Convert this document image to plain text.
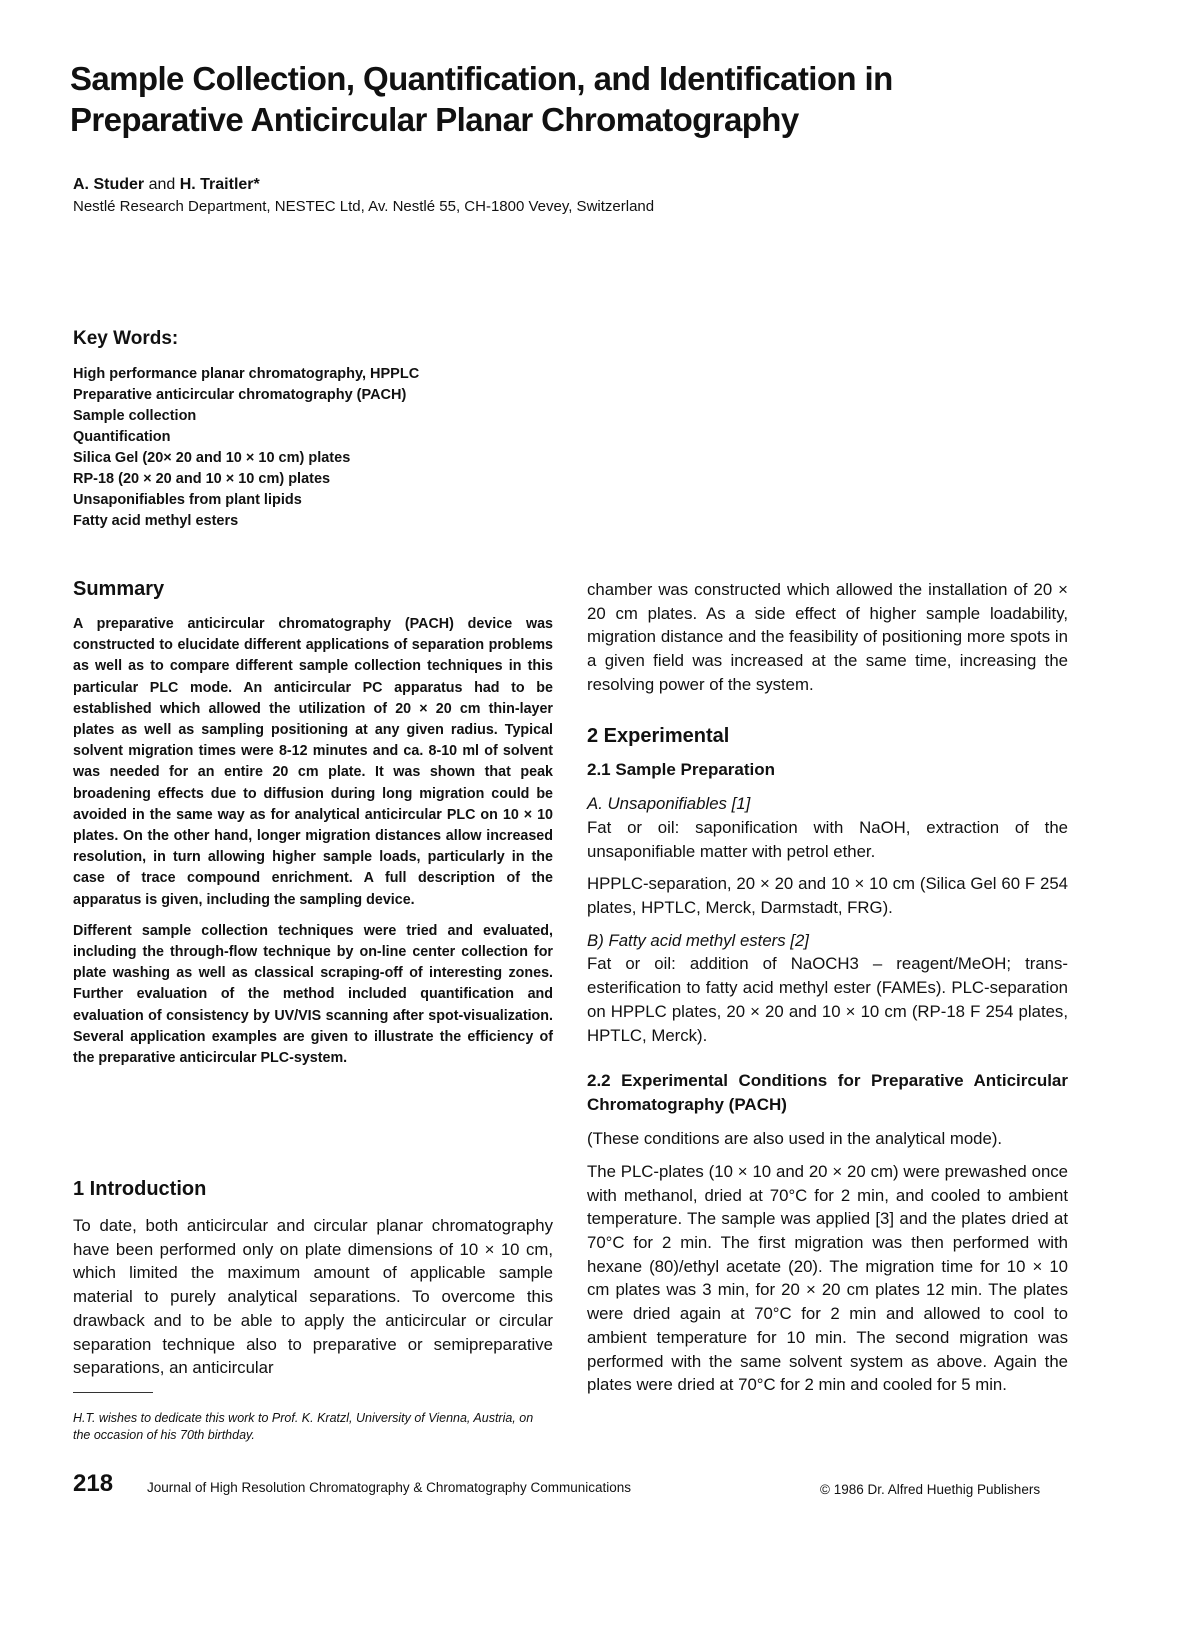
Sample Collection, Quantification, and Identification in Preparative Anticircular Planar Chromatography
A. Studer and H. Traitler*
Nestlé Research Department, NESTEC Ltd, Av. Nestlé 55, CH-1800 Vevey, Switzerland
Key Words:
High performance planar chromatography, HPPLC
Preparative anticircular chromatography (PACH)
Sample collection
Quantification
Silica Gel (20× 20 and 10 × 10 cm) plates
RP-18 (20 × 20 and 10 × 10 cm) plates
Unsaponifiables from plant lipids
Fatty acid methyl esters
Summary

A preparative anticircular chromatography (PACH) device was constructed to elucidate different applications of separation problems as well as to compare different sample collection techniques in this particular PLC mode. An anticircular PC apparatus had to be established which allowed the utilization of 20 × 20 cm thin-layer plates as well as sampling positioning at any given radius. Typical solvent migration times were 8-12 minutes and ca. 8-10 ml of solvent was needed for an entire 20 cm plate. It was shown that peak broadening effects due to diffusion during long migration could be avoided in the same way as for analytical anticircular PLC on 10 × 10 plates. On the other hand, longer migration distances allow increased resolution, in turn allowing higher sample loads, particularly in the case of trace compound enrichment. A full description of the apparatus is given, including the sampling device.

Different sample collection techniques were tried and evaluated, including the through-flow technique by on-line center collection for plate washing as well as classical scraping-off of interesting zones. Further evaluation of the method included quantification and evaluation of consistency by UV/VIS scanning after spot-visualization. Several application examples are given to illustrate the efficiency of the preparative anticircular PLC-system.

1 Introduction

To date, both anticircular and circular planar chromatography have been performed only on plate dimensions of 10 × 10 cm, which limited the maximum amount of applicable sample material to purely analytical separations. To overcome this drawback and to be able to apply the anticircular or circular separation technique also to preparative or semipreparative separations, an anticircular

H.T. wishes to dedicate this work to Prof. K. Kratzl, University of Vienna, Austria, on the occasion of his 70th birthday.

chamber was constructed which allowed the installation of 20 × 20 cm plates. As a side effect of higher sample loadability, migration distance and the feasibility of positioning more spots in a given field was increased at the same time, increasing the resolving power of the system.

2 Experimental
2.1 Sample Preparation
A. Unsaponifiables [1]

Fat or oil: saponification with NaOH, extraction of the unsaponifiable matter with petrol ether.

HPPLC-separation, 20 × 20 and 10 × 10 cm (Silica Gel 60 F 254 plates, HPTLC, Merck, Darmstadt, FRG).

B) Fatty acid methyl esters [2]

Fat or oil: addition of NaOCH3 – reagent/MeOH; trans-esterification to fatty acid methyl ester (FAMEs). PLC-separation on HPPLC plates, 20 × 20 and 10 × 10 cm (RP-18 F 254 plates, HPTLC, Merck).

2.2 Experimental Conditions for Preparative Anticircular Chromatography (PACH)

(These conditions are also used in the analytical mode).

The PLC-plates (10 × 10 and 20 × 20 cm) were prewashed once with methanol, dried at 70°C for 2 min, and cooled to ambient temperature. The sample was applied [3] and the plates dried at 70°C for 2 min. The first migration was then performed with hexane (80)/ethyl acetate (20). The migration time for 10 × 10 cm plates was 3 min, for 20 × 20 cm plates 12 min. The plates were dried again at 70°C for 2 min and allowed to cool to ambient temperature for 10 min. The second migration was performed with the same solvent system as above. Again the plates were dried at 70°C for 2 min and cooled for 5 min.

218	Journal of High Resolution Chromatography & Chromatography Communications	© 1986 Dr. Alfred Huethig Publishers
